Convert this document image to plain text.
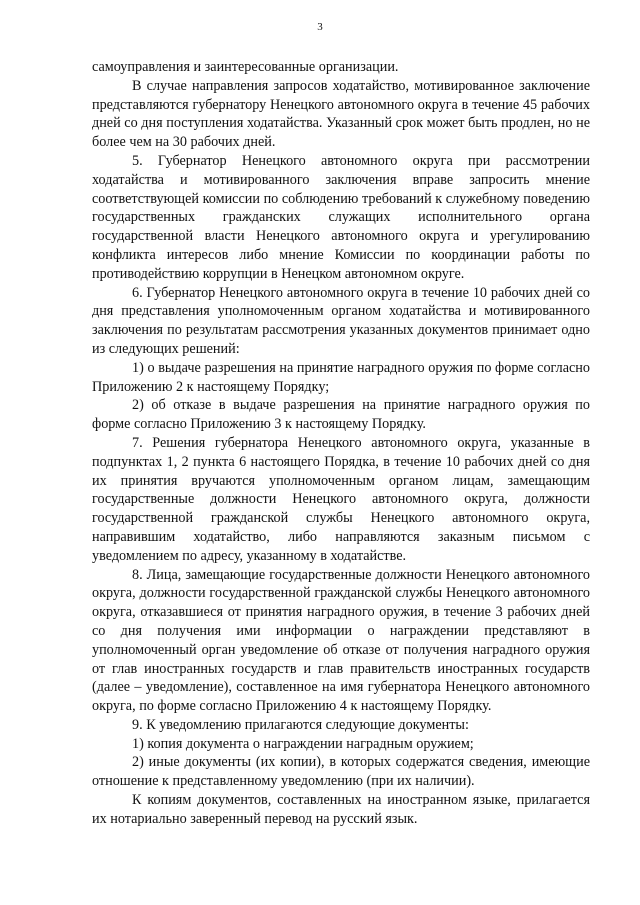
3

самоуправления и заинтересованные организации.

В случае направления запросов ходатайство, мотивированное заключение представляются губернатору Ненецкого автономного округа в течение 45 рабочих дней со дня поступления ходатайства. Указанный срок может быть продлен, но не более чем на 30 рабочих дней.

5. Губернатор Ненецкого автономного округа при рассмотрении ходатайства и мотивированного заключения вправе запросить мнение соответствующей комиссии по соблюдению требований к служебному поведению государственных гражданских служащих исполнительного органа государственной власти Ненецкого автономного округа и урегулированию конфликта интересов либо мнение Комиссии по координации работы по противодействию коррупции в Ненецком автономном округе.

6. Губернатор Ненецкого автономного округа в течение 10 рабочих дней со дня представления уполномоченным органом ходатайства и мотивированного заключения по результатам рассмотрения указанных документов принимает одно из следующих решений:

1) о выдаче разрешения на принятие наградного оружия по форме согласно Приложению 2 к настоящему Порядку;

2) об отказе в выдаче разрешения на принятие наградного оружия по форме согласно Приложению 3 к настоящему Порядку.

7. Решения губернатора Ненецкого автономного округа, указанные в подпунктах 1, 2 пункта 6 настоящего Порядка, в течение 10 рабочих дней со дня их принятия вручаются уполномоченным органом лицам, замещающим государственные должности Ненецкого автономного округа, должности государственной гражданской службы Ненецкого автономного округа, направившим ходатайство, либо направляются заказным письмом с уведомлением по адресу, указанному в ходатайстве.

8. Лица, замещающие государственные должности Ненецкого автономного округа, должности государственной гражданской службы Ненецкого автономного округа, отказавшиеся от принятия наградного оружия, в течение 3 рабочих дней со дня получения ими информации о награждении представляют в уполномоченный орган уведомление об отказе от получения наградного оружия от глав иностранных государств и глав правительств иностранных государств (далее – уведомление), составленное на имя губернатора Ненецкого автономного округа, по форме согласно Приложению 4 к настоящему Порядку.

9. К уведомлению прилагаются следующие документы:

1) копия документа о награждении наградным оружием;

2) иные документы (их копии), в которых содержатся сведения, имеющие отношение к представленному уведомлению (при их наличии).

К копиям документов, составленных на иностранном языке, прилагается их нотариально заверенный перевод на русский язык.
